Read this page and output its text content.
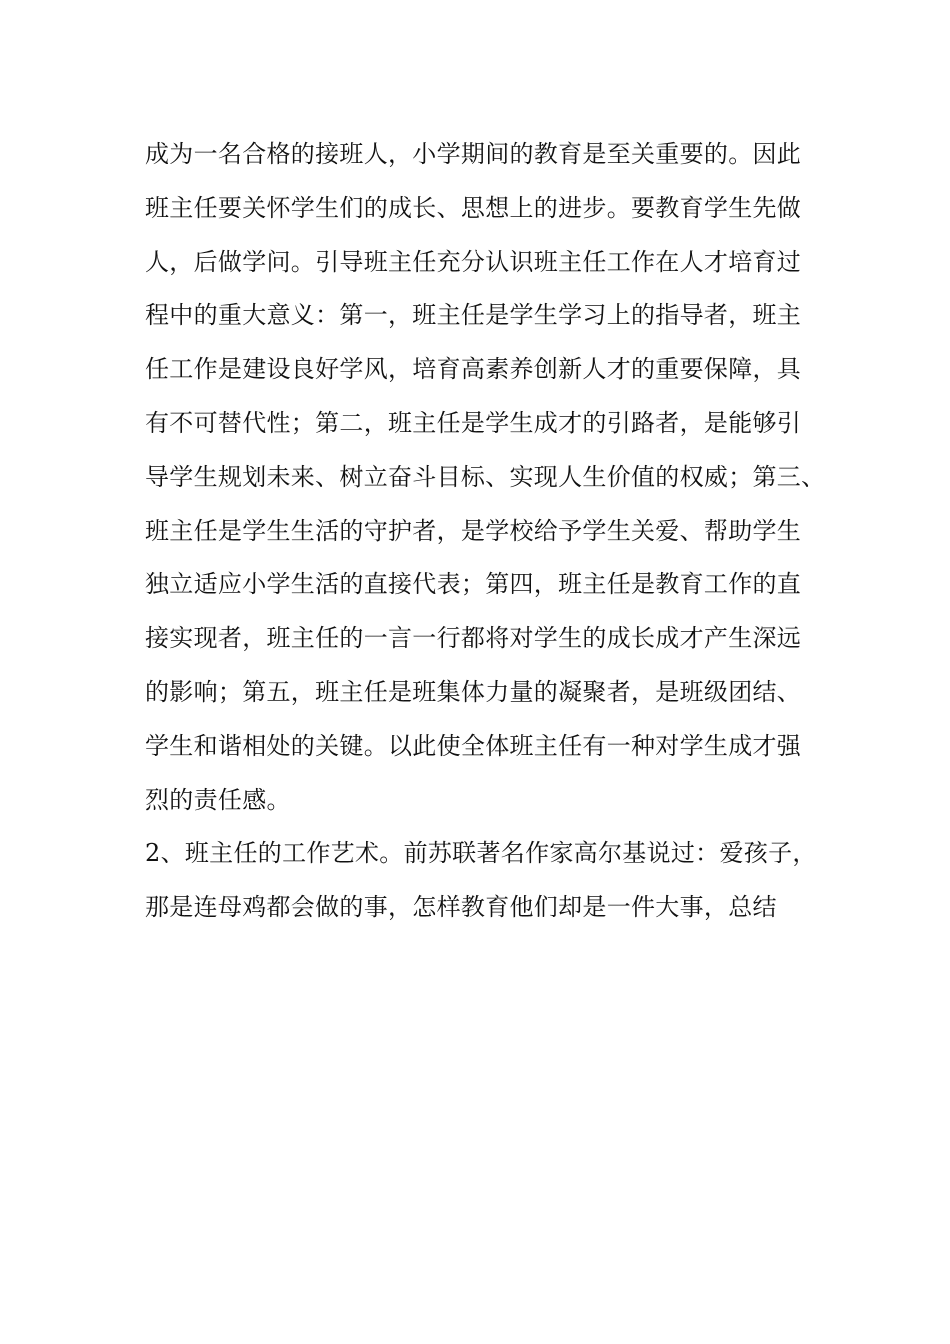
成为一名合格的接班人，小学期间的教育是至关重要的。因此
班主任要关怀学生们的成长、思想上的进步。要教育学生先做
人，后做学问。引导班主任充分认识班主任工作在人才培育过
程中的重大意义：第一，班主任是学生学习上的指导者，班主
任工作是建设良好学风，培育高素养创新人才的重要保障，具
有不可替代性；第二，班主任是学生成才的引路者，是能够引
导学生规划未来、树立奋斗目标、实现人生价值的权威；第三、
班主任是学生生活的守护者，是学校给予学生关爱、帮助学生
独立适应小学生活的直接代表；第四，班主任是教育工作的直
接实现者，班主任的一言一行都将对学生的成长成才产生深远
的影响；第五，班主任是班集体力量的凝聚者，是班级团结、
学生和谐相处的关键。以此使全体班主任有一种对学生成才强
烈的责任感。
2、班主任的工作艺术。前苏联著名作家高尔基说过：爱孩子，
那是连母鸡都会做的事，怎样教育他们却是一件大事，总结
